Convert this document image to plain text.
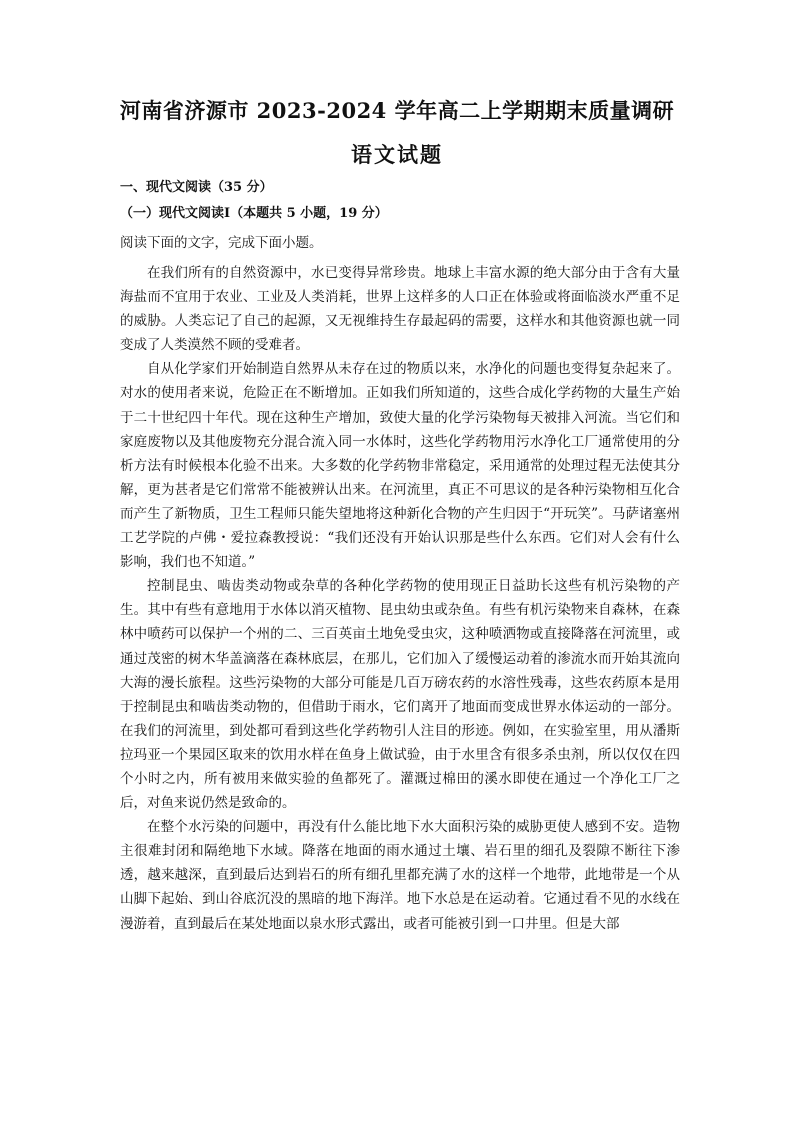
河南省济源市 2023-2024 学年高二上学期期末质量调研
语文试题
一、现代文阅读（35 分）
（一）现代文阅读Ⅰ（本题共 5 小题，19 分）
阅读下面的文字，完成下面小题。

在我们所有的自然资源中，水已变得异常珍贵。地球上丰富水源的绝大部分由于含有大量海盐而不宜用于农业、工业及人类消耗，世界上这样多的人口正在体验或将面临淡水严重不足的威胁。人类忘记了自己的起源，又无视维持生存最起码的需要，这样水和其他资源也就一同变成了人类漠然不顾的受难者。

自从化学家们开始制造自然界从未存在过的物质以来，水净化的问题也变得复杂起来了。对水的使用者来说，危险正在不断增加。正如我们所知道的，这些合成化学药物的大量生产始于二十世纪四十年代。现在这种生产增加，致使大量的化学污染物每天被排入河流。当它们和家庭废物以及其他废物充分混合流入同一水体时，这些化学药物用污水净化工厂通常使用的分析方法有时候根本化验不出来。大多数的化学药物非常稳定，采用通常的处理过程无法使其分解，更为甚者是它们常常不能被辨认出来。在河流里，真正不可思议的是各种污染物相互化合而产生了新物质，卫生工程师只能失望地将这种新化合物的产生归因于“开玩笑”。马萨诸塞州工艺学院的卢佛・爱拉森教授说：“我们还没有开始认识那是些什么东西。它们对人会有什么影响，我们也不知道。”

控制昆虫、啮齿类动物或杂草的各种化学药物的使用现正日益助长这些有机污染物的产生。其中有些有意地用于水体以消灭植物、昆虫幼虫或杂鱼。有些有机污染物来自森林，在森林中喷药可以保护一个州的二、三百英亩土地免受虫灾，这种喷洒物或直接降落在河流里，或通过茂密的树木华盖滴落在森林底层，在那儿，它们加入了缓慢运动着的渗流水而开始其流向大海的漫长旅程。这些污染物的大部分可能是几百万磅农药的水溶性残毒，这些农药原本是用于控制昆虫和啮齿类动物的，但借助于雨水，它们离开了地面而变成世界水体运动的一部分。在我们的河流里，到处都可看到这些化学药物引人注目的形迹。例如，在实验室里，用从潘斯拉玛亚一个果园区取来的饮用水样在鱼身上做试验，由于水里含有很多杀虫剂，所以仅仅在四个小时之内，所有被用来做实验的鱼都死了。灌溉过棉田的溪水即使在通过一个净化工厂之后，对鱼来说仍然是致命的。

在整个水污染的问题中，再没有什么能比地下水大面积污染的威胁更使人感到不安。造物主很难封闭和隔绝地下水域。降落在地面的雨水通过土壤、岩石里的细孔及裂隙不断往下渗透，越来越深，直到最后达到岩石的所有细孔里都充满了水的这样一个地带，此地带是一个从山脚下起始、到山谷底沉没的黑暗的地下海洋。地下水总是在运动着。它通过看不见的水线在漫游着，直到最后在某处地面以泉水形式露出，或者可能被引到一口井里。但是大部
